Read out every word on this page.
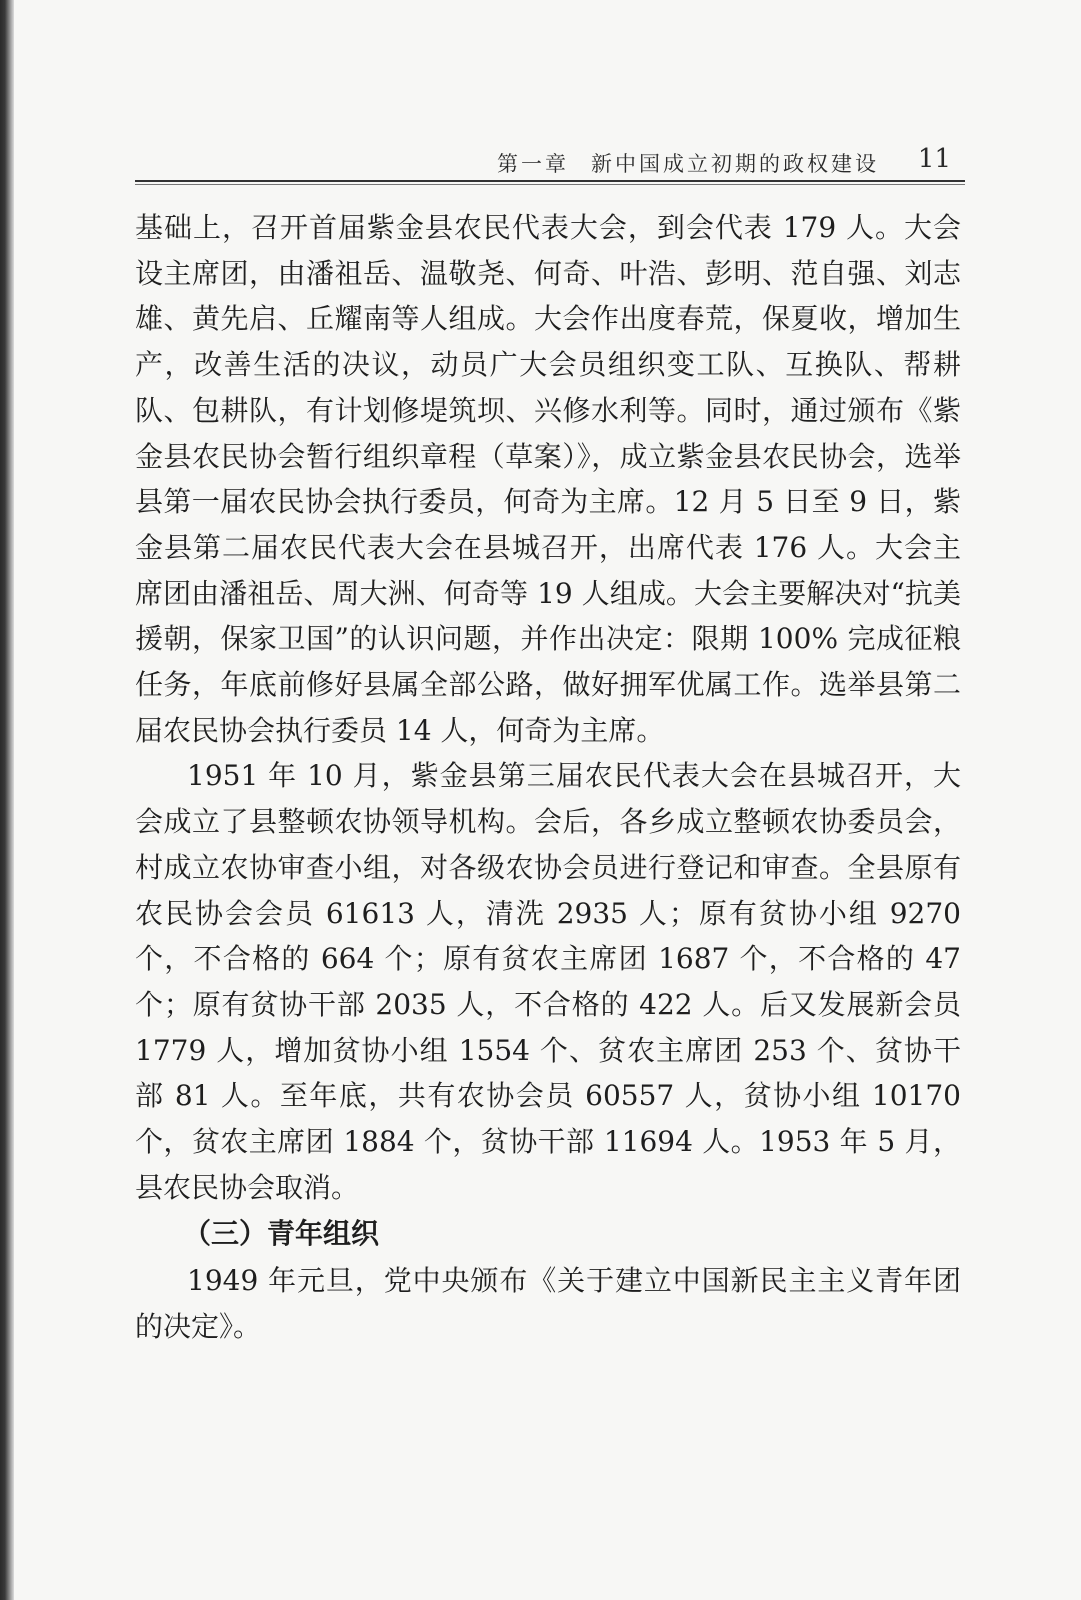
第一章 新中国成立初期的政权建设 11

基础上，召开首届紫金县农民代表大会，到会代表 179 人。大会设主席团，由潘祖岳、温敬尧、何奇、叶浩、彭明、范自强、刘志雄、黄先启、丘耀南等人组成。大会作出度春荒，保夏收，增加生产，改善生活的决议，动员广大会员组织变工队、互换队、帮耕队、包耕队，有计划修堤筑坝、兴修水利等。同时，通过颁布《紫金县农民协会暂行组织章程（草案）》，成立紫金县农民协会，选举县第一届农民协会执行委员，何奇为主席。12 月 5 日至 9 日，紫金县第二届农民代表大会在县城召开，出席代表 176 人。大会主席团由潘祖岳、周大洲、何奇等 19 人组成。大会主要解决对“抗美援朝，保家卫国”的认识问题，并作出决定：限期 100% 完成征粮任务，年底前修好县属全部公路，做好拥军优属工作。选举县第二届农民协会执行委员 14 人，何奇为主席。

1951 年 10 月，紫金县第三届农民代表大会在县城召开，大会成立了县整顿农协领导机构。会后，各乡成立整顿农协委员会，村成立农协审查小组，对各级农协会员进行登记和审查。全县原有农民协会会员 61613 人，清洗 2935 人；原有贫协小组 9270 个，不合格的 664 个；原有贫农主席团 1687 个，不合格的 47 个；原有贫协干部 2035 人，不合格的 422 人。后又发展新会员 1779 人，增加贫协小组 1554 个、贫农主席团 253 个、贫协干部 81 人。至年底，共有农协会员 60557 人，贫协小组 10170 个，贫农主席团 1884 个，贫协干部 11694 人。1953 年 5 月，县农民协会取消。

（三）青年组织

1949 年元旦，党中央颁布《关于建立中国新民主主义青年团的决定》。
